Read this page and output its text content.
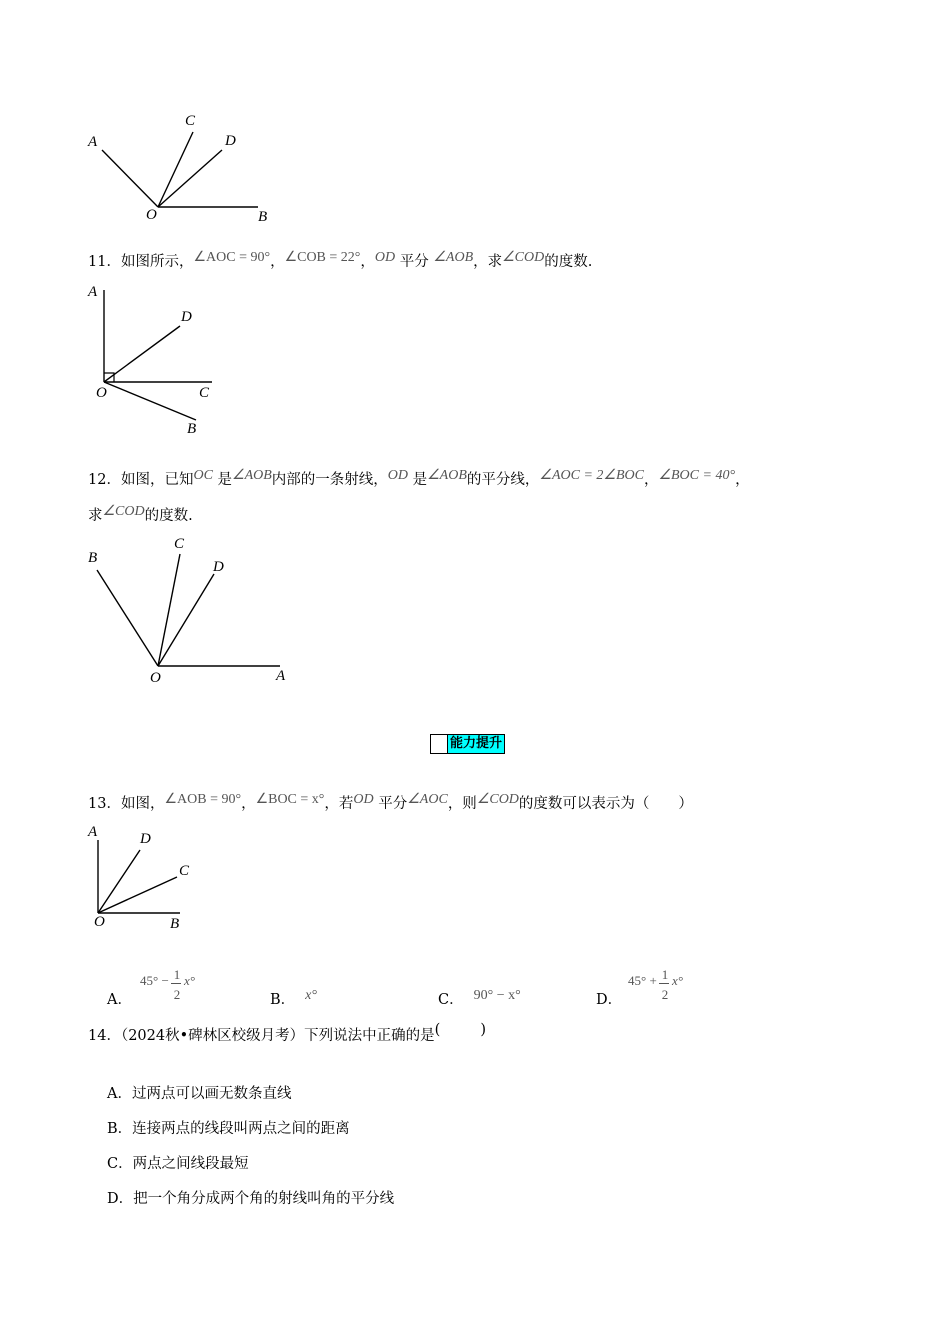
A
C
D
O	B
11．如图所示，∠AOC = 90°，∠COB = 22°，OD 平分 ∠AOB，求∠COD的度数.
A
D
O	C
B
12．如图，已知OC 是∠AOB内部的一条射线，OD 是∠AOB的平分线，∠AOC = 2∠BOC，∠BOC = 40°，
求∠COD的度数.
B
C
D
O	A
能力提升
13．如图，∠AOB = 90°，∠BOC = x°，若OD 平分∠AOC，则∠COD的度数可以表示为（　　）
A	D
C
O	B
A．
45° − 1
2
x°
B． x°	C． 90° − x°	D．
45° + 1
2
x°
14．（2024秋•碑林区校级月考）下列说法中正确的是(	)
A．过两点可以画无数条直线
B．连接两点的线段叫两点之间的距离
C．两点之间线段最短
D．把一个角分成两个角的射线叫角的平分线
